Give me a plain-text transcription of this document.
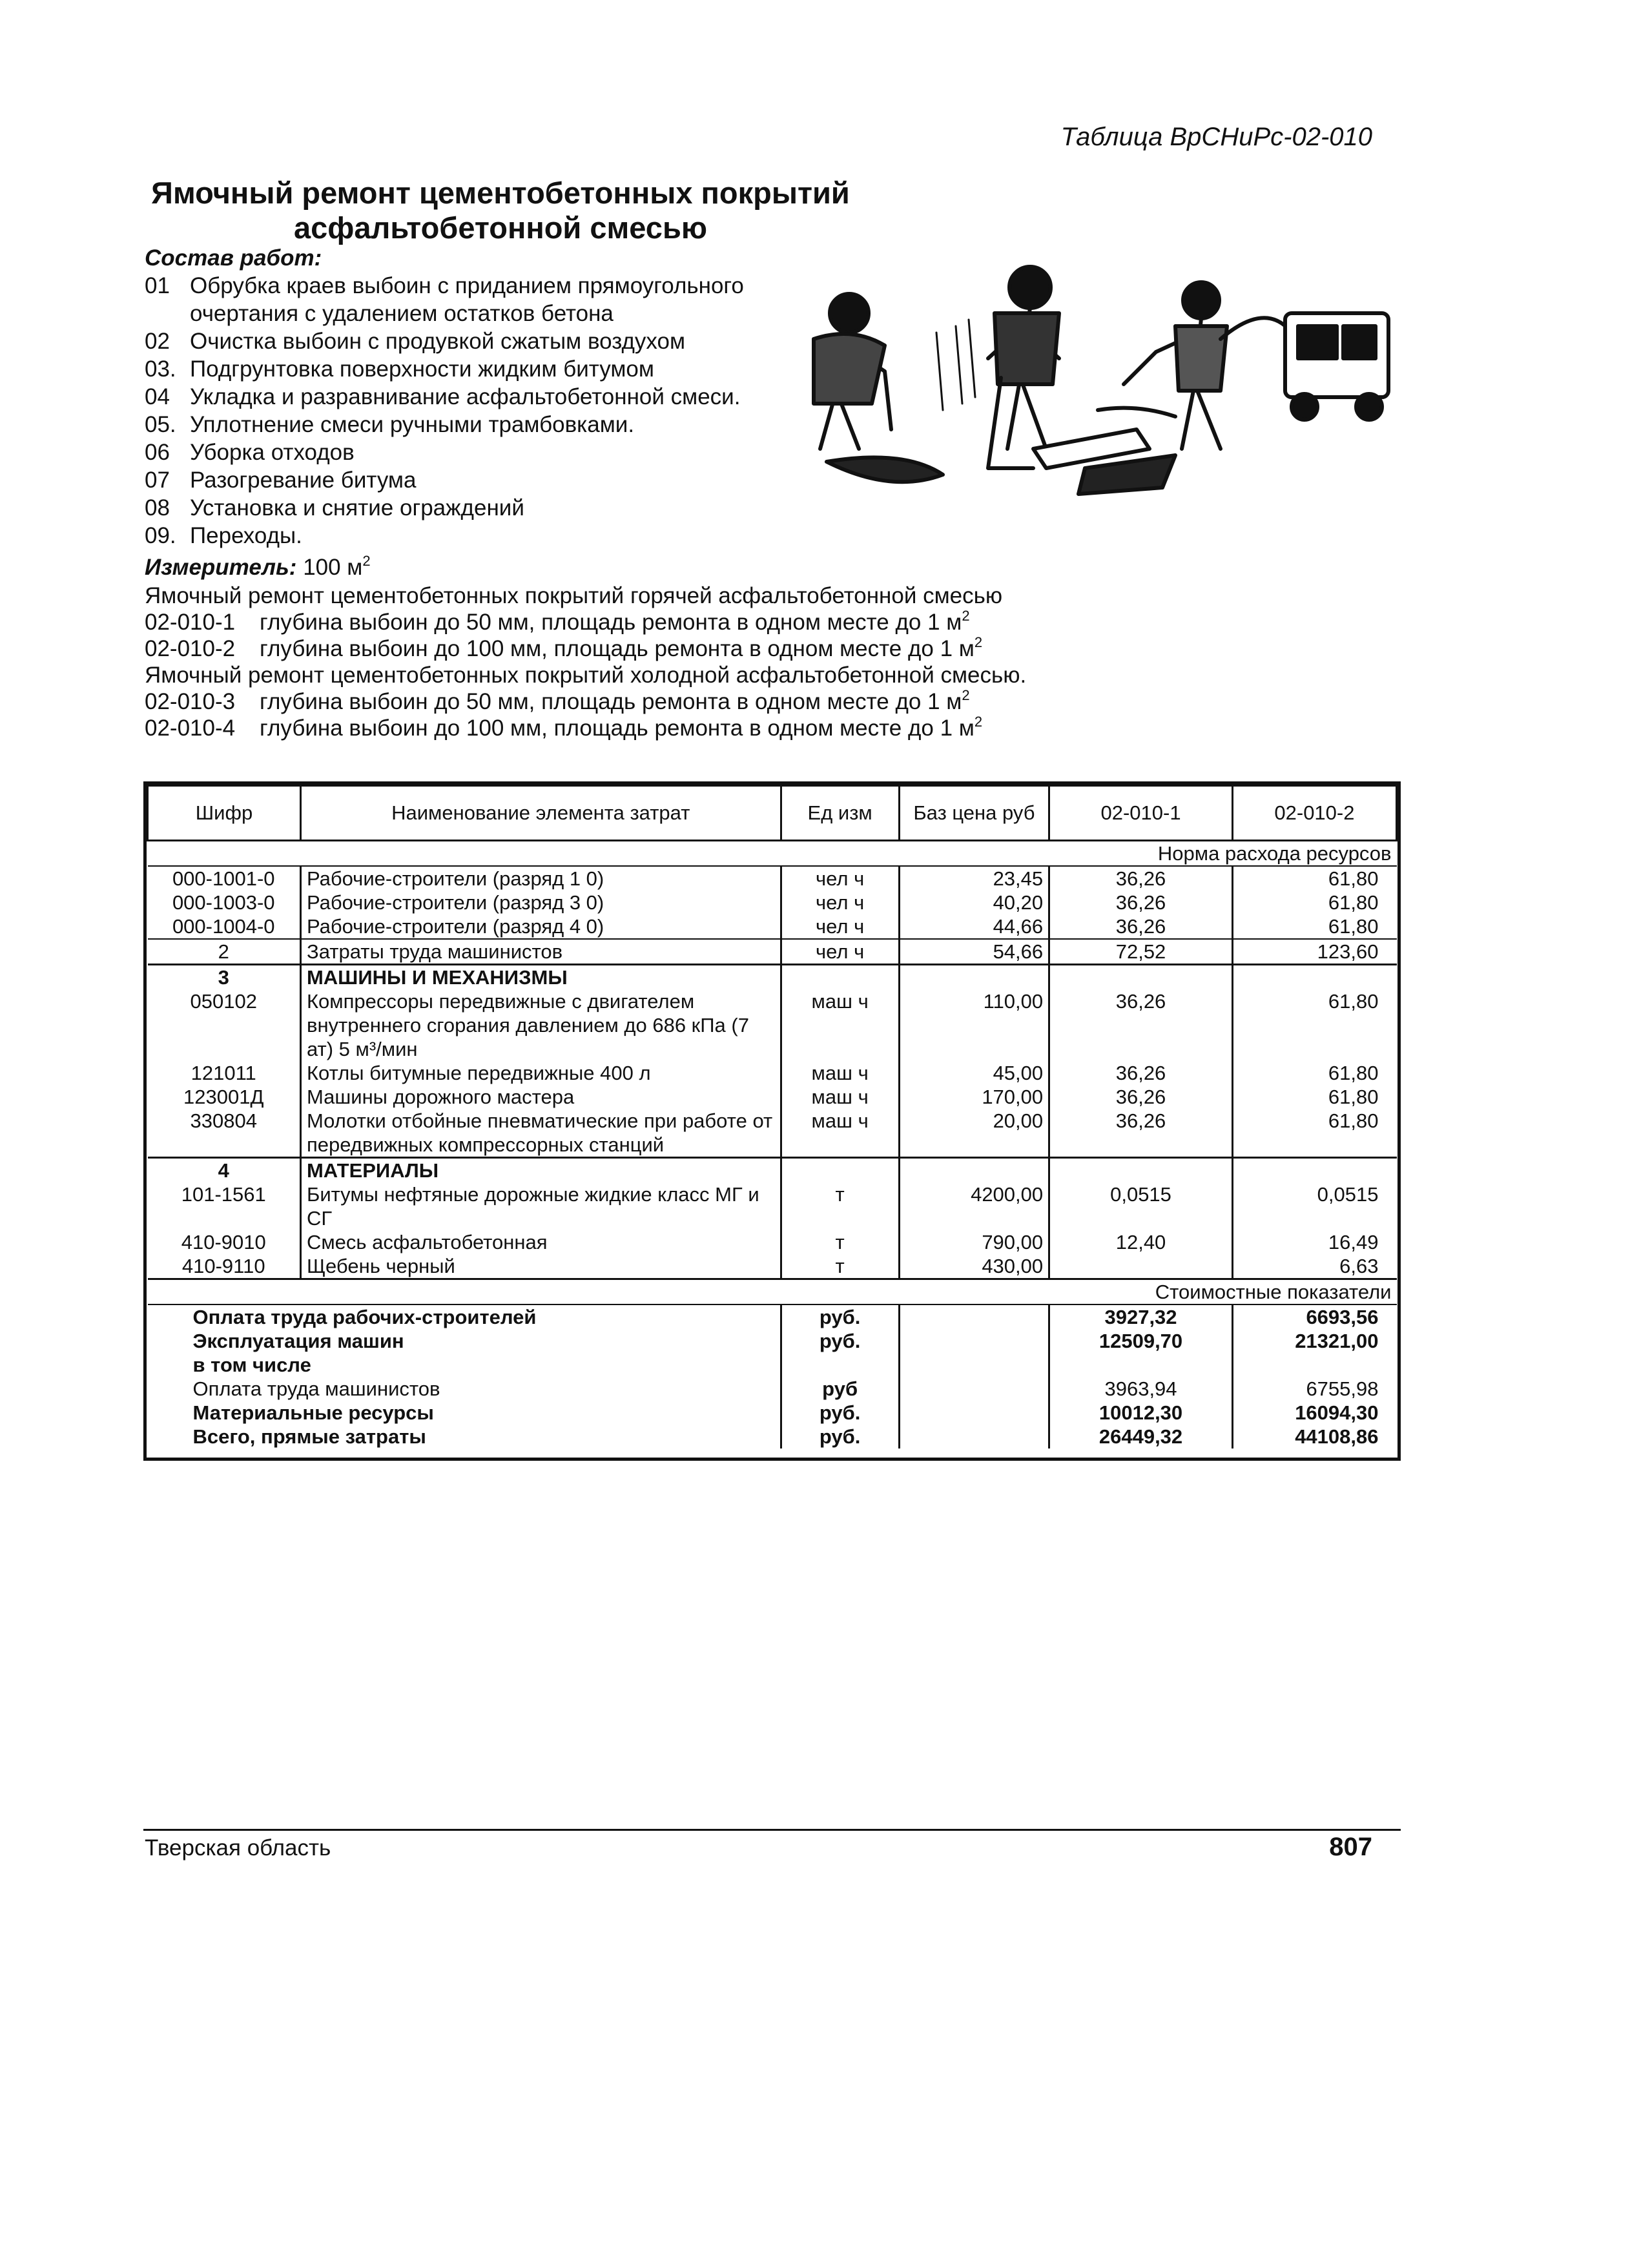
Таблица ВрСНиРс-02-010
Ямочный ремонт цементобетонных покрытий
асфальтобетонной смесью
Состав работ:
01 Обрубка краев выбоин с приданием прямоугольного очертания с удалением остатков бетона
02 Очистка выбоин с продувкой сжатым воздухом
03. Подгрунтовка поверхности жидким битумом
04 Укладка и разравнивание асфальтобетонной смеси.
05. Уплотнение смеси ручными трамбовками.
06 Уборка отходов
07 Разогревание битума
08 Установка и снятие ограждений
09. Переходы.
Измеритель: 100 $м^2$
Ямочный ремонт цементобетонных покрытий горячей асфальтобетонной смесью
02-010-1 глубина выбоин до 50 мм, площадь ремонта в одном месте до 1 $м^2$
02-010-2 глубина выбоин до 100 мм, площадь ремонта в одном месте до 1 $м^2$
Ямочный ремонт цементобетонных покрытий холодной асфальтобетонной смесью.
02-010-3 глубина выбоин до 50 мм, площадь ремонта в одном месте до 1 $м^2$
02-010-4 глубина выбоин до 100 мм, площадь ремонта в одном месте до 1 $м^2$
Шифр	Наименование элемента затрат	Ед изм	Баз цена руб	02-010-1	02-010-2
Норма расхода ресурсов					
000-1001-0	Рабочие-строители (разряд 1 0)	чел ч	23,45	36,26	61,80
000-1003-0	Рабочие-строители (разряд 3 0)	чел ч	40,20	36,26	61,80
000-1004-0	Рабочие-строители (разряд 4 0)	чел ч	44,66	36,26	61,80
2	Затраты труда машинистов	чел ч	54,66	72,52	123,60
3	МАШИНЫ И МЕХАНИЗМЫ				
050102	Компрессоры передвижные с двигателем внутреннего сгорания давлением до 686 кПа (7 ат) 5 м³/мин	маш ч	110,00	36,26	61,80
121011	Котлы битумные передвижные 400 л	маш ч	45,00	36,26	61,80
123001Д	Машины дорожного мастера	маш ч	170,00	36,26	61,80
330804	Молотки отбойные пневматические при работе от передвижных компрессорных станций	маш ч	20,00	36,26	61,80
4	МАТЕРИАЛЫ				
101-1561	Битумы нефтяные дорожные жидкие класс МГ и СГ	т	4200,00	0,0515	0,0515
410-9010	Смесь асфальтобетонная	т	790,00	12,40	16,49
410-9110	Щебень черный	т	430,00		6,63
Стоимостные показатели					
Оплата труда рабочих-строителей		руб.		3927,32	6693,56
Эксплуатация машин		руб.		12509,70	21321,00
в том числе					
Оплата труда машинистов		руб		3963,94	6755,98
Материальные ресурсы		руб.		10012,30	16094,30
Всего, прямые затраты		руб.		26449,32	44108,86
Тверская область	807
